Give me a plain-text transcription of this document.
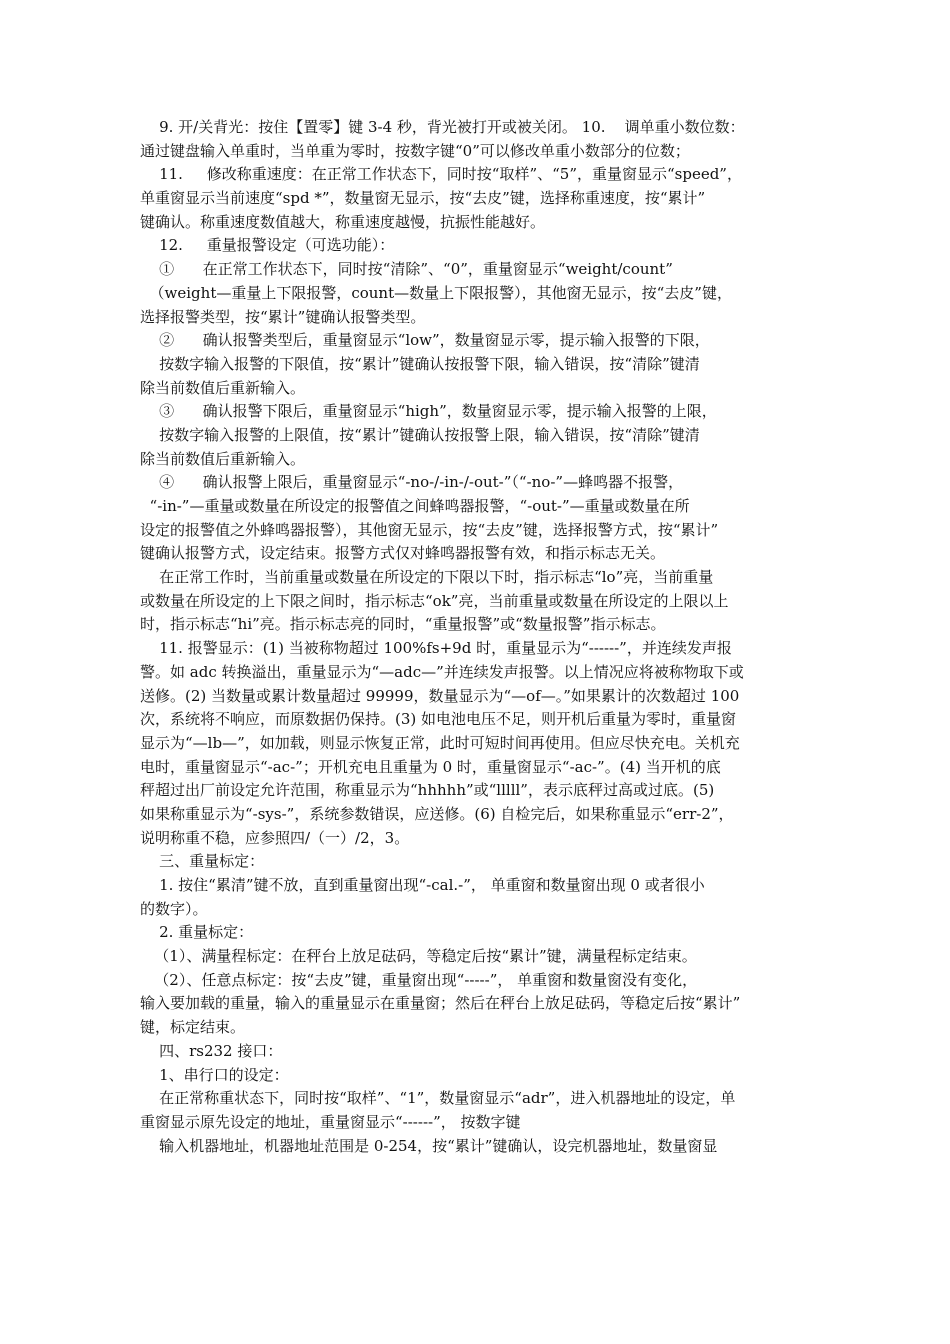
9. 开/关背光：按住【置零】键 3-4 秒，背光被打开或被关闭。 10.    调单重小数位数：
通过键盘输入单重时，当单重为零时，按数字键“0”可以修改单重小数部分的位数；
11.     修改称重速度：在正常工作状态下，同时按“取样”、“5”，重量窗显示“speed”，
单重窗显示当前速度“spd *”，数量窗无显示，按“去皮”键，选择称重速度，按“累计”
键确认。称重速度数值越大，称重速度越慢，抗振性能越好。
12.     重量报警设定（可选功能）：
①      在正常工作状态下，同时按“清除”、“0”，重量窗显示“weight/count”
（weight—重量上下限报警，count—数量上下限报警），其他窗无显示，按“去皮”键，
选择报警类型，按“累计”键确认报警类型。
②      确认报警类型后，重量窗显示“low”，数量窗显示零，提示输入报警的下限，
按数字输入报警的下限值，按“累计”键确认按报警下限，输入错误，按“清除”键清
除当前数值后重新输入。
③      确认报警下限后，重量窗显示“high”，数量窗显示零，提示输入报警的上限，
按数字输入报警的上限值，按“累计”键确认按报警上限，输入错误，按“清除”键清
除当前数值后重新输入。
④      确认报警上限后，重量窗显示“-no-/-in-/-out-”（“-no-”—蜂鸣器不报警，
“-in-”—重量或数量在所设定的报警值之间蜂鸣器报警，“-out-”—重量或数量在所
设定的报警值之外蜂鸣器报警），其他窗无显示，按“去皮”键，选择报警方式，按“累计”
键确认报警方式，设定结束。报警方式仅对蜂鸣器报警有效，和指示标志无关。
在正常工作时，当前重量或数量在所设定的下限以下时，指示标志“lo”亮，当前重量
或数量在所设定的上下限之间时，指示标志“ok”亮，当前重量或数量在所设定的上限以上
时，指示标志“hi”亮。指示标志亮的同时，“重量报警”或“数量报警”指示标志。
11. 报警显示：(1) 当被称物超过 100%fs+9d 时，重量显示为“------”，并连续发声报
警。如 adc 转换溢出，重量显示为“—adc—”并连续发声报警。以上情况应将被称物取下或
送修。(2) 当数量或累计数量超过 99999，数量显示为“—of—。”如果累计的次数超过 100
次，系统将不响应，而原数据仍保持。(3) 如电池电压不足，则开机后重量为零时，重量窗
显示为“—lb—”，如加载，则显示恢复正常，此时可短时间再使用。但应尽快充电。关机充
电时，重量窗显示“-ac-”；开机充电且重量为 0 时，重量窗显示“-ac-”。(4) 当开机的底
秤超过出厂前设定允许范围，称重显示为“hhhhh”或“lllll”，表示底秤过高或过底。(5)
如果称重显示为“-sys-”，系统参数错误，应送修。(6) 自检完后，如果称重显示“err-2”，
说明称重不稳，应参照四/（一）/2，3。
三、重量标定：
1. 按住“累清”键不放，直到重量窗出现“-cal.-”， 单重窗和数量窗出现 0 或者很小
的数字）。
2. 重量标定：
（1）、满量程标定：在秤台上放足砝码，等稳定后按“累计”键，满量程标定结束。
（2）、任意点标定：按“去皮”键，重量窗出现“-----”， 单重窗和数量窗没有变化，
输入要加载的重量，输入的重量显示在重量窗；然后在秤台上放足砝码，等稳定后按“累计”
键，标定结束。
四、rs232 接口：
1、串行口的设定：
在正常称重状态下，同时按“取样”、“1”，数量窗显示“adr”，进入机器地址的设定，单
重窗显示原先设定的地址，重量窗显示“------”， 按数字键
输入机器地址，机器地址范围是 0-254，按“累计”键确认，设完机器地址，数量窗显
